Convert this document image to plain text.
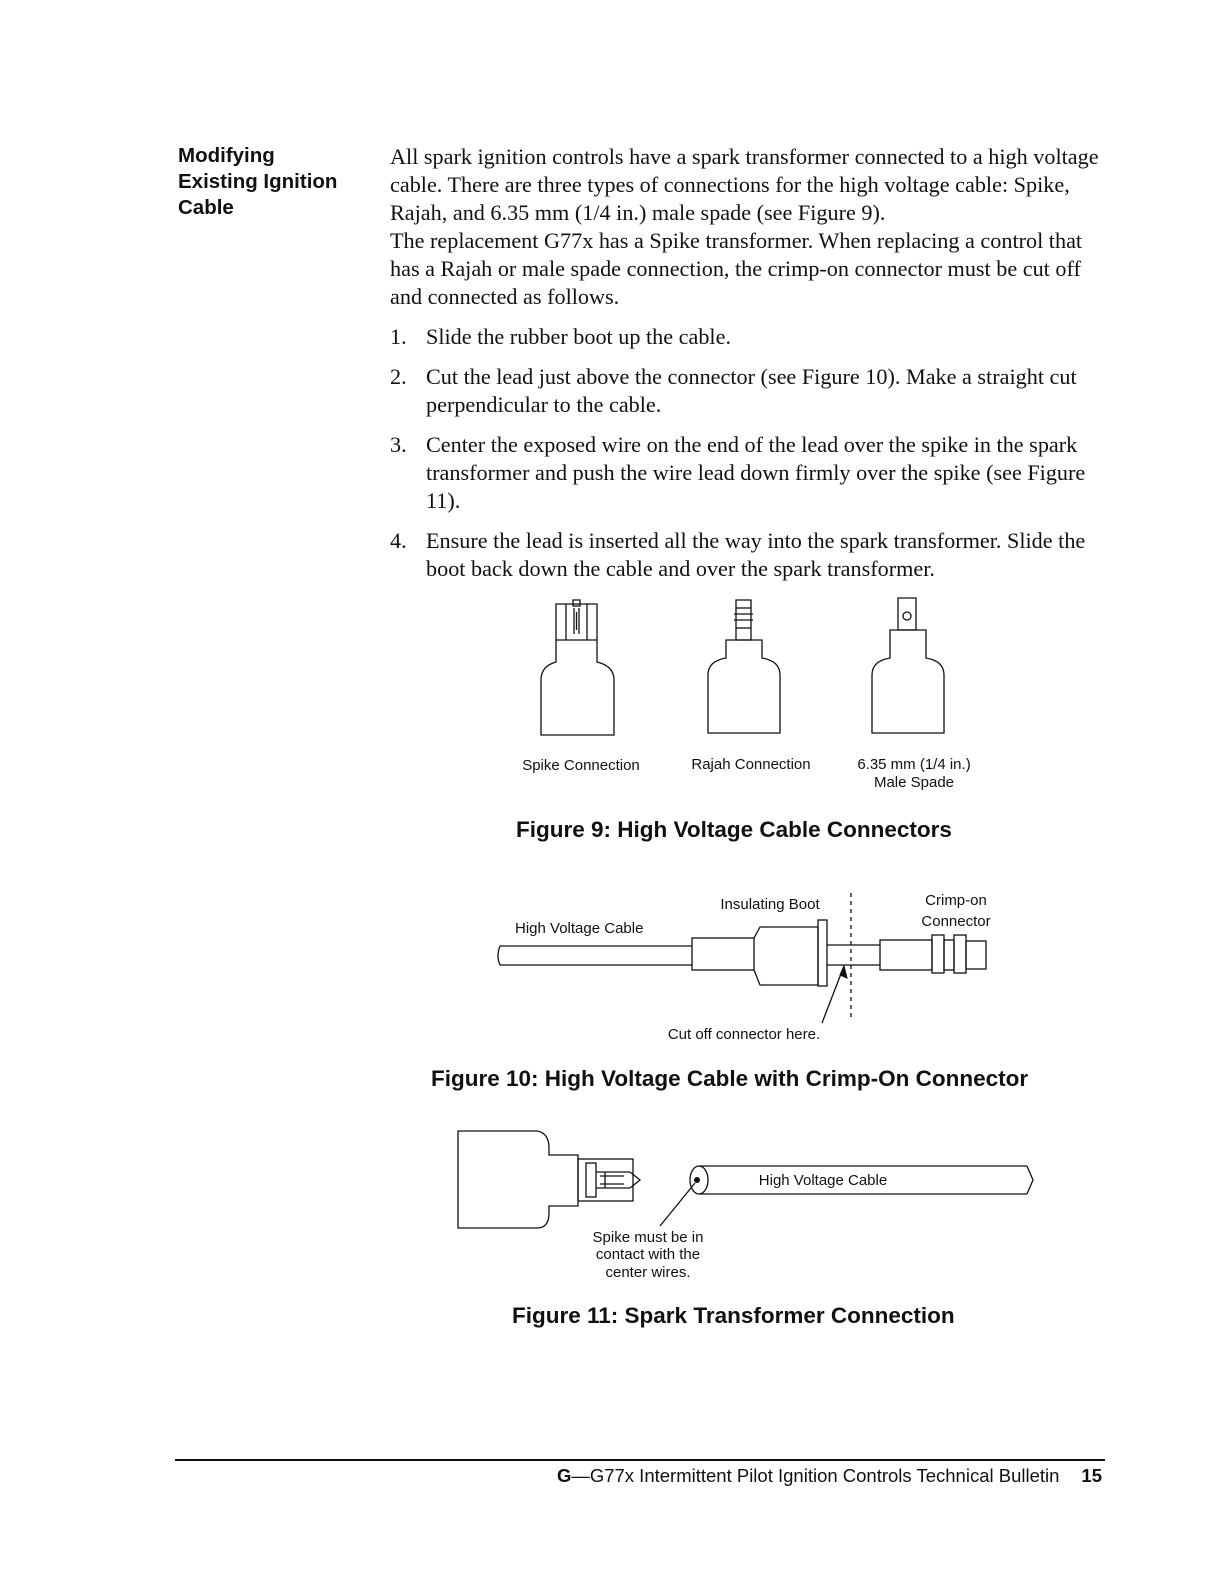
Modifying
Existing Ignition
Cable

All spark ignition controls have a spark transformer connected to a high voltage cable. There are three types of connections for the high voltage cable: Spike, Rajah, and 6.35 mm (1/4 in.) male spade (see Figure 9).

The replacement G77x has a Spike transformer. When replacing a control that has a Rajah or male spade connection, the crimp-on connector must be cut off and connected as follows.

1. Slide the rubber boot up the cable.
2. Cut the lead just above the connector (see Figure 10). Make a straight cut perpendicular to the cable.
3. Center the exposed wire on the end of the lead over the spike in the spark transformer and push the wire lead down firmly over the spike (see Figure 11).
4. Ensure the lead is inserted all the way into the spark transformer. Slide the boot back down the cable and over the spark transformer.
Spike Connection	Rajah Connection	6.35 mm (1/4 in.)
Male Spade
Figure 9: High Voltage Cable Connectors
High Voltage Cable
Insulating Boot	Crimp-on
Connector
Cut off connector here.
Figure 10: High Voltage Cable with Crimp-On Connector
High Voltage Cable
Spike must be in
contact with the
center wires.
Figure 11: Spark Transformer Connection
G—G77x Intermittent Pilot Ignition Controls Technical Bulletin 15
